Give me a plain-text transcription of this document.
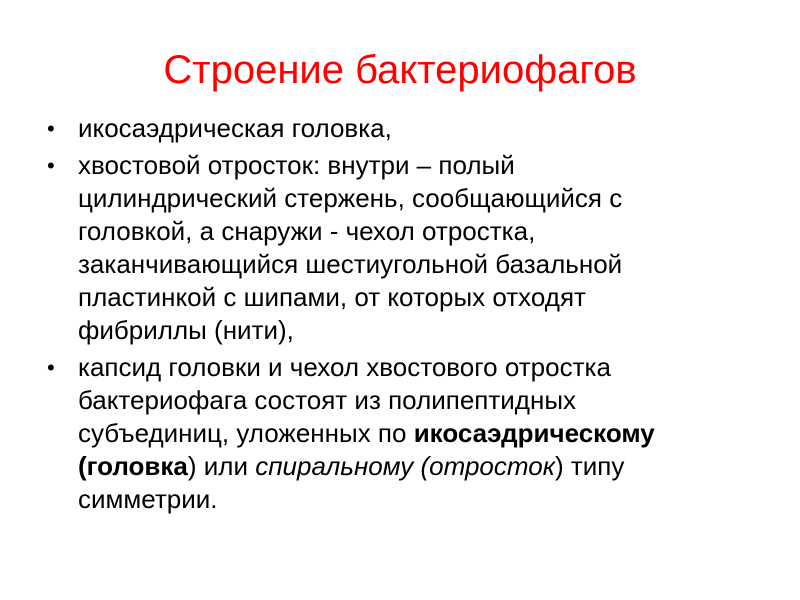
Строение бактериофагов
• икосаэдрическая головка,
• хвостовой отросток: внутри – полый
цилиндрический стержень, сообщающийся с
головкой, а снаружи - чехол отростка,
заканчивающийся шестиугольной базальной
пластинкой с шипами, от которых отходят
фибриллы (нити),
• капсид головки и чехол хвостового отростка
бактериофага состоят из полипептидных
субъединиц, уложенных по икосаэдрическому
(головка) или спиральному (отросток) типу
симметрии.
